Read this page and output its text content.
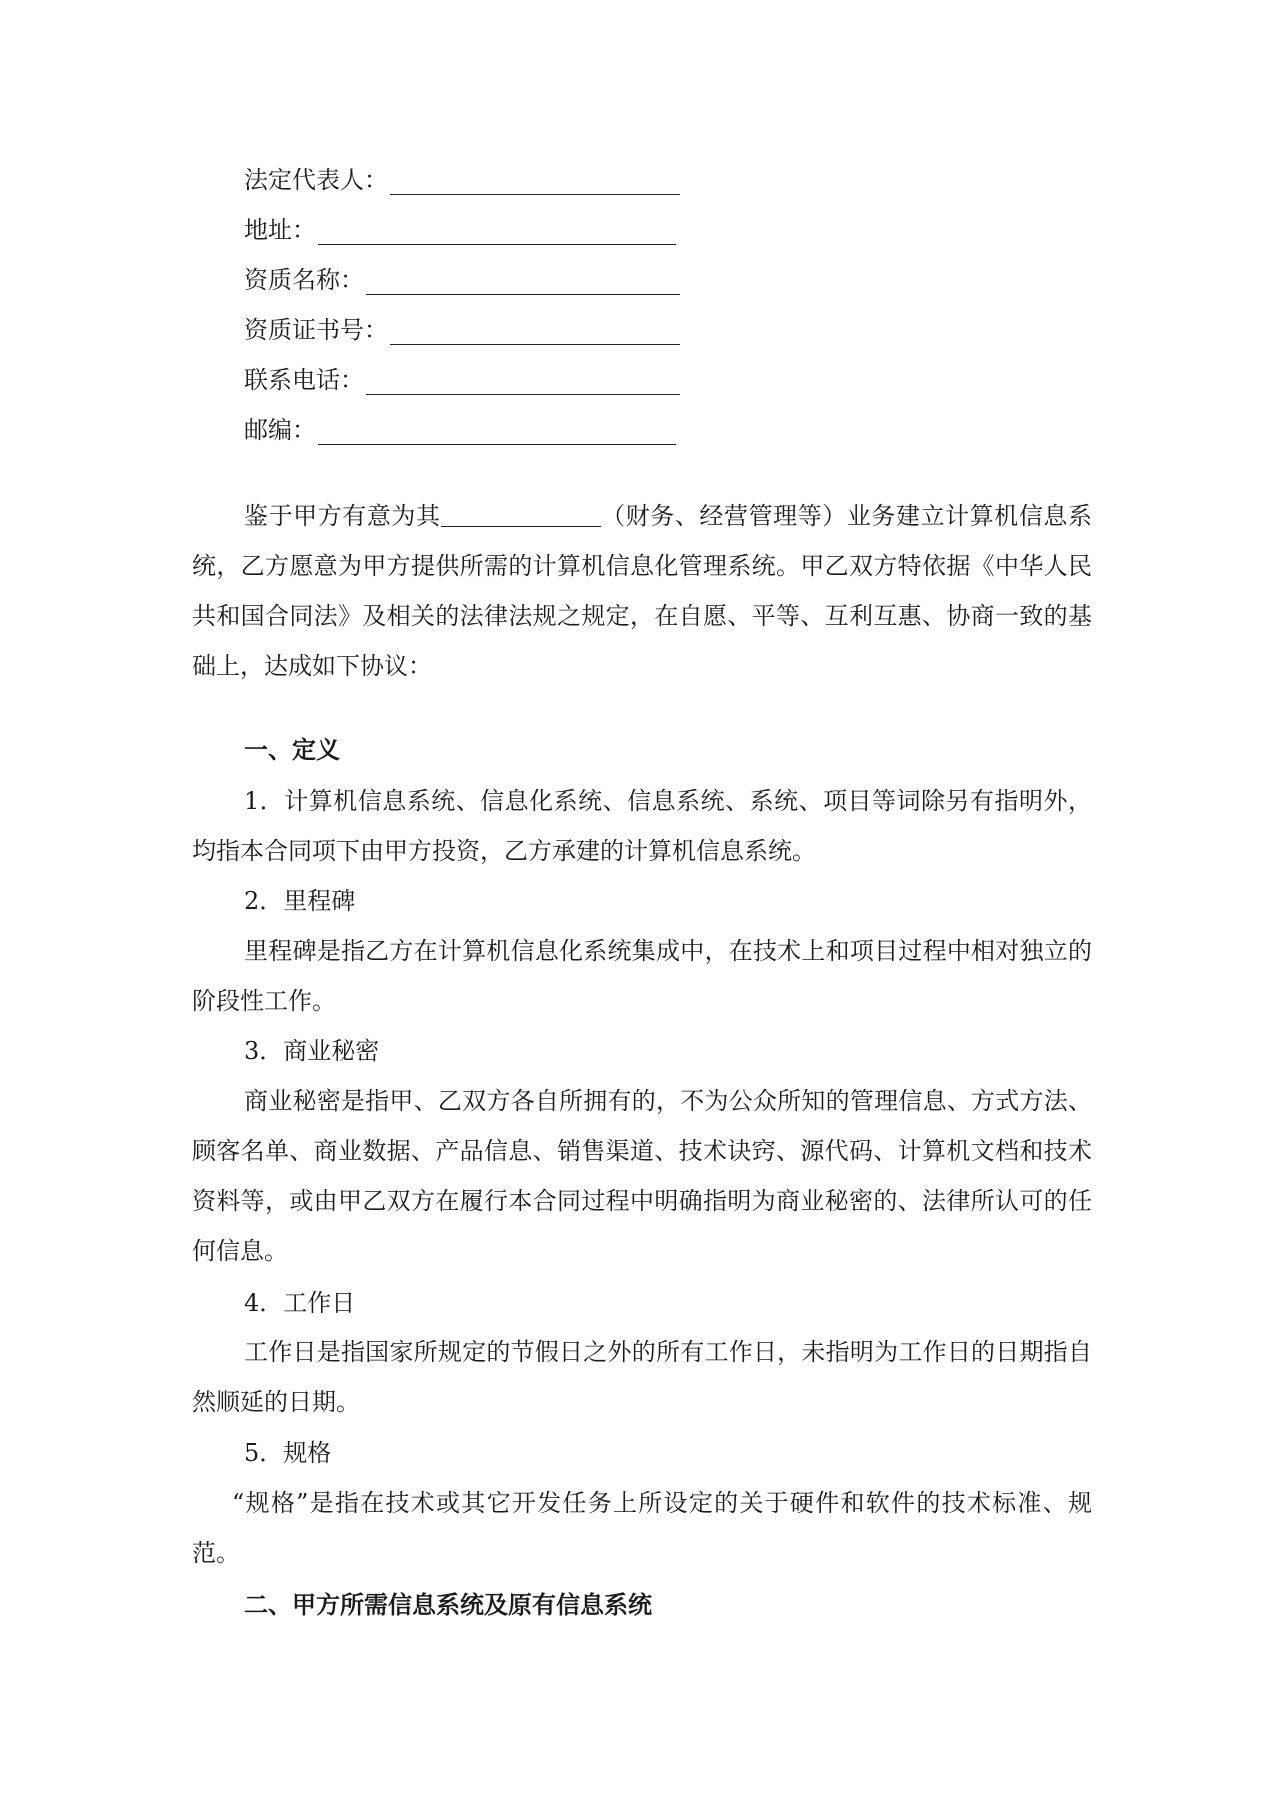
法定代表人：
地址：
资质名称：
资质证书号：
联系电话：
邮编：
鉴于甲方有意为其	（财务、经营管理等）业务建立计算机信息系统，乙方愿意为甲方提供所需的计算机信息化管理系统。甲乙双方特依据《中华人民共和国合同法》及相关的法律法规之规定，在自愿、平等、互利互惠、协商一致的基础上，达成如下协议：
一、定义
1．计算机信息系统、信息化系统、信息系统、系统、项目等词除另有指明外，均指本合同项下由甲方投资，乙方承建的计算机信息系统。
2．里程碑
里程碑是指乙方在计算机信息化系统集成中，在技术上和项目过程中相对独立的阶段性工作。
3．商业秘密
商业秘密是指甲、乙双方各自所拥有的，不为公众所知的管理信息、方式方法、顾客名单、商业数据、产品信息、销售渠道、技术诀窍、源代码、计算机文档和技术资料等，或由甲乙双方在履行本合同过程中明确指明为商业秘密的、法律所认可的任何信息。
4．工作日
工作日是指国家所规定的节假日之外的所有工作日，未指明为工作日的日期指自然顺延的日期。
5．规格
“规格”是指在技术或其它开发任务上所设定的关于硬件和软件的技术标准、规范。
二、甲方所需信息系统及原有信息系统
